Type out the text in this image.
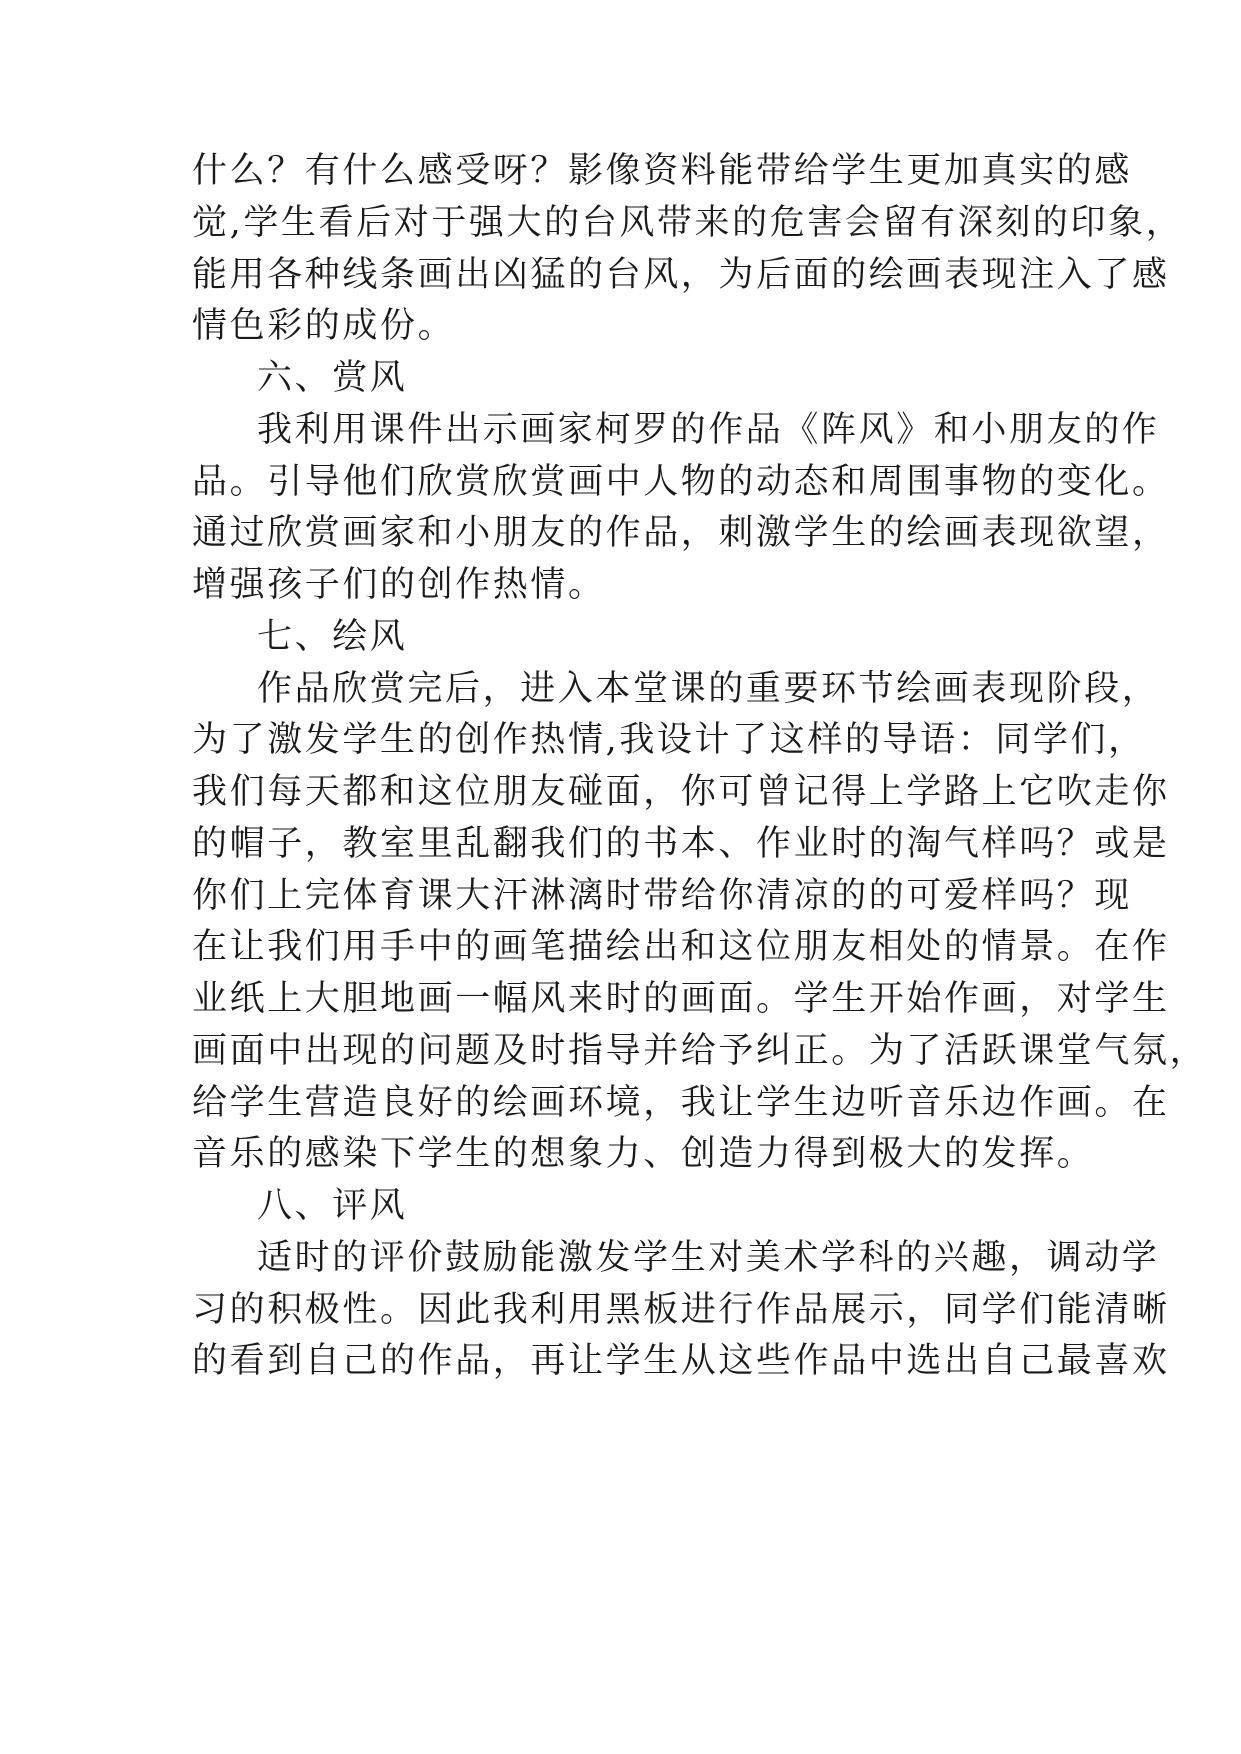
什么？有什么感受呀？影像资料能带给学生更加真实的感
觉,学生看后对于强大的台风带来的危害会留有深刻的印象，
能用各种线条画出凶猛的台风，为后面的绘画表现注入了感
情色彩的成份。
六、赏风
我利用课件出示画家柯罗的作品《阵风》和小朋友的作
品。引导他们欣赏欣赏画中人物的动态和周围事物的变化。
通过欣赏画家和小朋友的作品，刺激学生的绘画表现欲望，
增强孩子们的创作热情。
七、绘风
作品欣赏完后，进入本堂课的重要环节绘画表现阶段，
为了激发学生的创作热情,我设计了这样的导语：同学们，
我们每天都和这位朋友碰面，你可曾记得上学路上它吹走你
的帽子，教室里乱翻我们的书本、作业时的淘气样吗？或是
你们上完体育课大汗淋漓时带给你清凉的的可爱样吗？现
在让我们用手中的画笔描绘出和这位朋友相处的情景。在作
业纸上大胆地画一幅风来时的画面。学生开始作画，对学生
画面中出现的问题及时指导并给予纠正。为了活跃课堂气氛，
给学生营造良好的绘画环境，我让学生边听音乐边作画。在
音乐的感染下学生的想象力、创造力得到极大的发挥。
八、评风
适时的评价鼓励能激发学生对美术学科的兴趣，调动学
习的积极性。因此我利用黑板进行作品展示，同学们能清晰
的看到自己的作品，再让学生从这些作品中选出自己最喜欢
